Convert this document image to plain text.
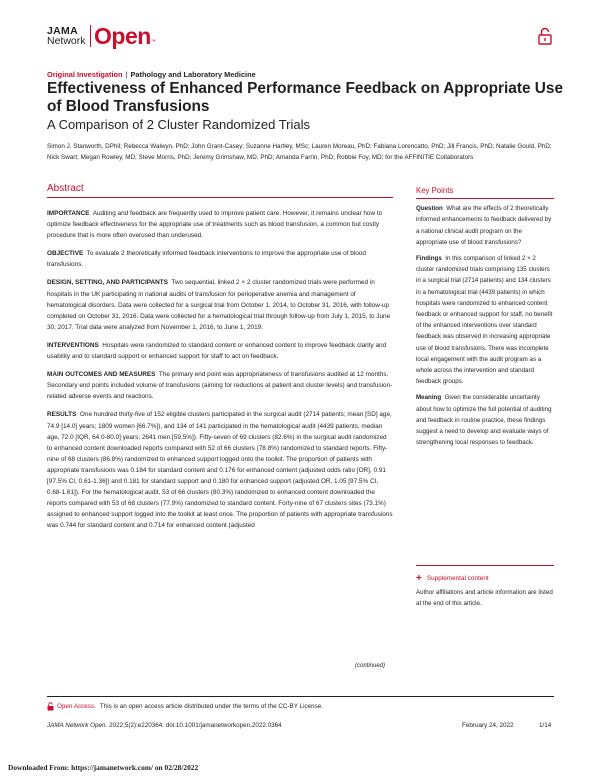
JAMA
Network Open ™
Original Investigation | Pathology and Laboratory Medicine
Effectiveness of Enhanced Performance Feedback on Appropriate Use of Blood Transfusions
A Comparison of 2 Cluster Randomized Trials
Simon J. Stanworth, DPhil; Rebecca Walwyn, PhD; John Grant-Casey; Suzanne Hartley, MSc; Lauren Moreau, PhD; Fabiana Lorencatto, PhD; Jill Francis, PhD; Natalie Gould, PhD; Nick Swart; Megan Rowley, MD; Steve Morris, PhD; Jeremy Grimshaw, MD, PhD; Amanda Farrin, PhD; Robbie Foy, MD; for the AFFINITIE Collaborators
Abstract

IMPORTANCE Auditing and feedback are frequently used to improve patient care. However, it remains unclear how to optimize feedback effectiveness for the appropriate use of treatments such as blood transfusion, a common but costly procedure that is more often overused than underused.

OBJECTIVE To evaluate 2 theoretically informed feedback interventions to improve the appropriate use of blood transfusions.

DESIGN, SETTING, AND PARTICIPANTS Two sequential, linked 2 × 2 cluster randomized trials were performed in hospitals in the UK participating in national audits of transfusion for perioperative anemia and management of hematological disorders. Data were collected for a surgical trial from October 1, 2014, to October 31, 2016, with follow-up completed on October 31, 2016. Data were collected for a hematological trial through follow-up from July 1, 2015, to June 30, 2017. Trial data were analyzed from November 1, 2016, to June 1, 2019.

INTERVENTIONS Hospitals were randomized to standard content or enhanced content to improve feedback clarity and usability and to standard support or enhanced support for staff to act on feedback.

MAIN OUTCOMES AND MEASURES The primary end point was appropriateness of transfusions audited at 12 months. Secondary end points included volume of transfusions (aiming for reductions at patient and cluster levels) and transfusion-related adverse events and reactions.

RESULTS One hundred thirty-five of 152 eligible clusters participated in the surgical audit (2714 patients; mean [SD] age, 74.9 [14.0] years; 1809 women [66.7%]), and 134 of 141 participated in the hematological audit (4439 patients; median age, 72.0 [IQR, 64.0-80.0] years; 2641 men [59.5%]). Fifty-seven of 69 clusters (82.6%) in the surgical audit randomized to enhanced content downloaded reports compared with 52 of 66 clusters (78.8%) randomized to standard reports. Fifty-nine of 68 clusters (86.8%) randomized to enhanced support logged onto the toolkit. The proportion of patients with appropriate transfusions was 0.184 for standard content and 0.176 for enhanced content (adjusted odds ratio [OR], 0.91 [97.5% CI, 0.61-1.36]) and 0.181 for standard support and 0.180 for enhanced support (adjusted OR, 1.05 [97.5% CI, 0.68-1.61]). For the hematological audit, 53 of 66 clusters (80.3%) randomized to enhanced content downloaded the reports compared with 53 of 68 clusters (77.9%) randomized to standard content. Forty-nine of 67 clusters sites (73.1%) assigned to enhanced support logged into the toolkit at least once. The proportion of patients with appropriate transfusions was 0.744 for standard content and 0.714 for enhanced content (adjusted

(continued)
Key Points

Question What are the effects of 2 theoretically informed enhancements to feedback delivered by a national clinical audit program on the appropriate use of blood transfusions?

Findings In this comparison of linked 2 × 2 cluster randomized trials comprising 135 clusters in a surgical trial (2714 patients) and 134 clusters in a hematological trial (4439 patients) in which hospitals were randomized to enhanced content feedback or enhanced support for staff, no benefit of the enhanced interventions over standard feedback was observed in increasing appropriate use of blood transfusions. There was incomplete local engagement with the audit program as a whole across the intervention and standard feedback groups.

Meaning Given the considerable uncertainty about how to optimize the full potential of auditing and feedback in routine practice, these findings suggest a need to develop and evaluate ways of strengthening local responses to feedback.

+ Supplemental content
Author affiliations and article information are listed at the end of this article.
Open Access. This is an open access article distributed under the terms of the CC-BY License.
JAMA Network Open. 2022;5(2):e220364. doi:10.1001/jamanetworkopen.2022.0364	February 24, 2022	1/14
Downloaded From: https://jamanetwork.com/ on 02/28/2022
